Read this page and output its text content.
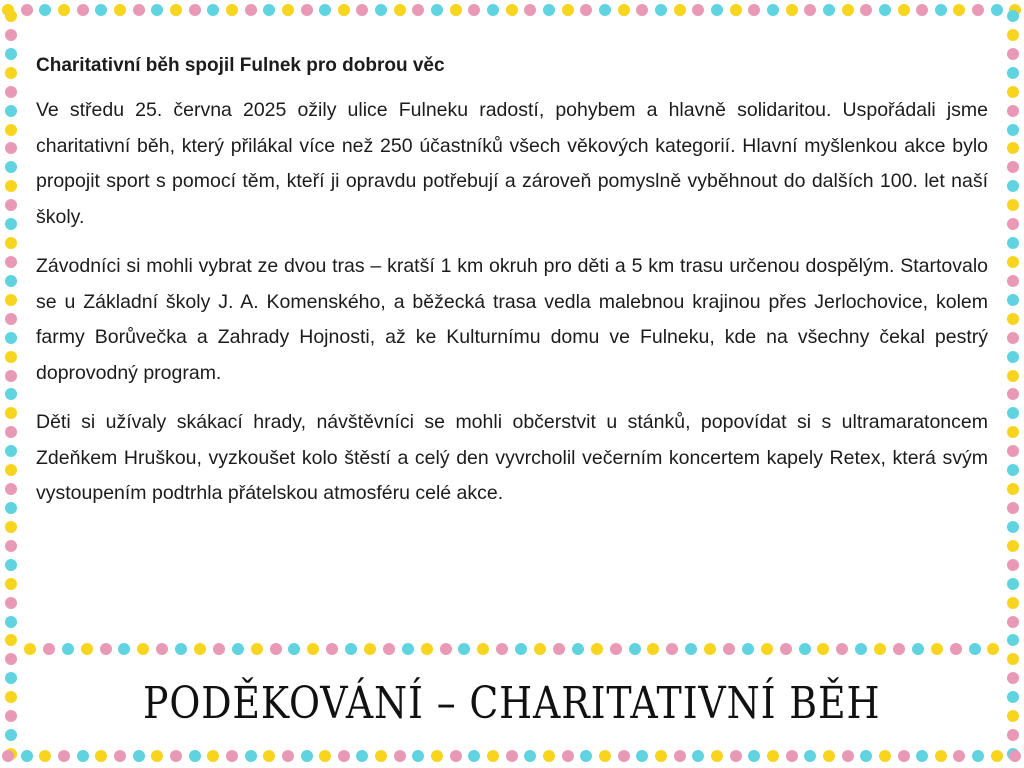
Charitativní běh spojil Fulnek pro dobrou věc

Ve středu 25. června 2025 ožily ulice Fulneku radostí, pohybem a hlavně solidaritou. Uspořádali jsme charitativní běh, který přilákal více než 250 účastníků všech věkových kategorií. Hlavní myšlenkou akce bylo propojit sport s pomocí těm, kteří ji opravdu potřebují a zároveň pomyslně vyběhnout do dalších 100. let naší školy.

Závodníci si mohli vybrat ze dvou tras – kratší 1 km okruh pro děti a 5 km trasu určenou dospělým. Startovalo se u Základní školy J. A. Komenského, a běžecká trasa vedla malebnou krajinou přes Jerlochovice, kolem farmy Borůvečka a Zahrady Hojnosti, až ke Kulturnímu domu ve Fulneku, kde na všechny čekal pestrý doprovodný program.

Děti si užívaly skákací hrady, návštěvníci se mohli občerstvit u stánků, popovídat si s ultramaratoncem Zdeňkem Hruškou, vyzkoušet kolo štěstí a celý den vyvrcholil večerním koncertem kapely Retex, která svým vystoupením podtrhla přátelskou atmosféru celé akce.

PODĚKOVÁNÍ – CHARITATIVNÍ BĚH
